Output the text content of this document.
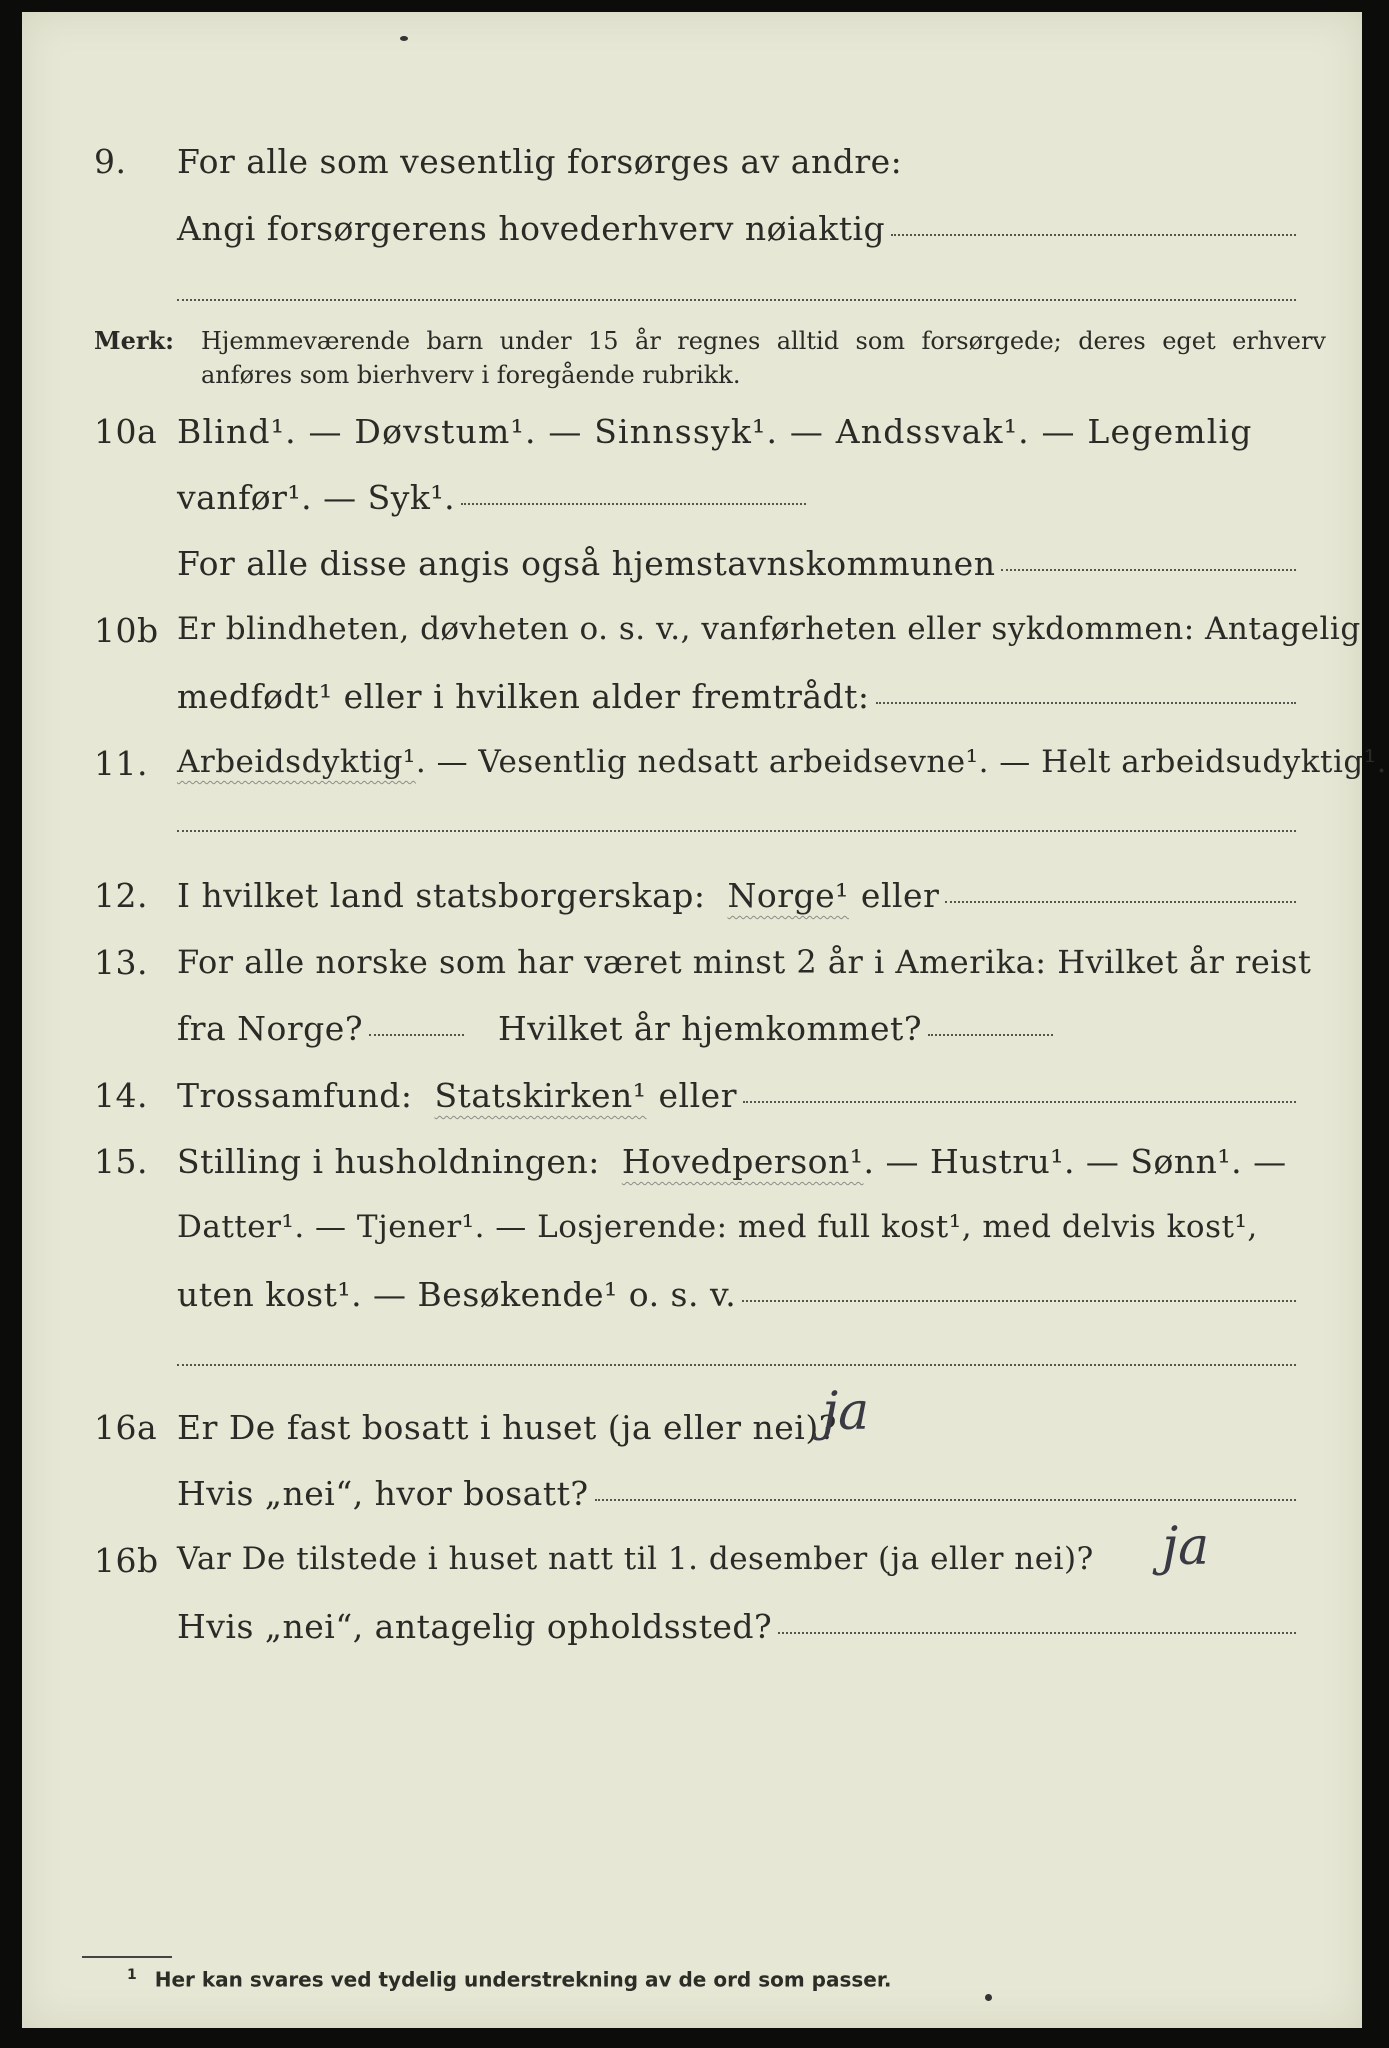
9.	For alle som vesentlig forsørges av andre:
Angi forsørgerens hovederhverv nøiaktig
Merk: Hjemmeværende barn under 15 år regnes alltid som forsørgede; deres eget erhverv anføres som bierhverv i foregående rubrikk.
10a Blind¹. — Døvstum¹. — Sinnssyk¹. — Andssvak¹. — Legemlig
vanfør¹. — Syk¹.
For alle disse angis også hjemstavnskommunen
10b Er blindheten, døvheten o. s. v., vanførheten eller sykdommen: Antagelig
medfødt¹ eller i hvilken alder fremtrådt:
11. Arbeidsdyktig¹ . — Vesentlig nedsatt arbeidsevne¹. — Helt arbeidsudyktig¹.
12. I hvilket land statsborgerskap: Norge¹ eller
13. For alle norske som har været minst 2 år i Amerika: Hvilket år reist
fra Norge?	Hvilket år hjemkommet?
14. Trossamfund: Statskirken¹ eller
15. Stilling i husholdningen: Hovedperson¹ . — Hustru¹. — Sønn¹. —
Datter¹. — Tjener¹. — Losjerende: med full kost¹, med delvis kost¹,
uten kost¹. — Besøkende¹ o. s. v.
16a Er De fast bosatt i huset (ja eller nei)?
ja
Hvis „nei“, hvor bosatt?
16b Var De tilstede i huset natt til 1. desember (ja eller nei)? ja
Hvis „nei“, antagelig opholdssted?
$^1$ Her kan svares ved tydelig understrekning av de ord som passer.
